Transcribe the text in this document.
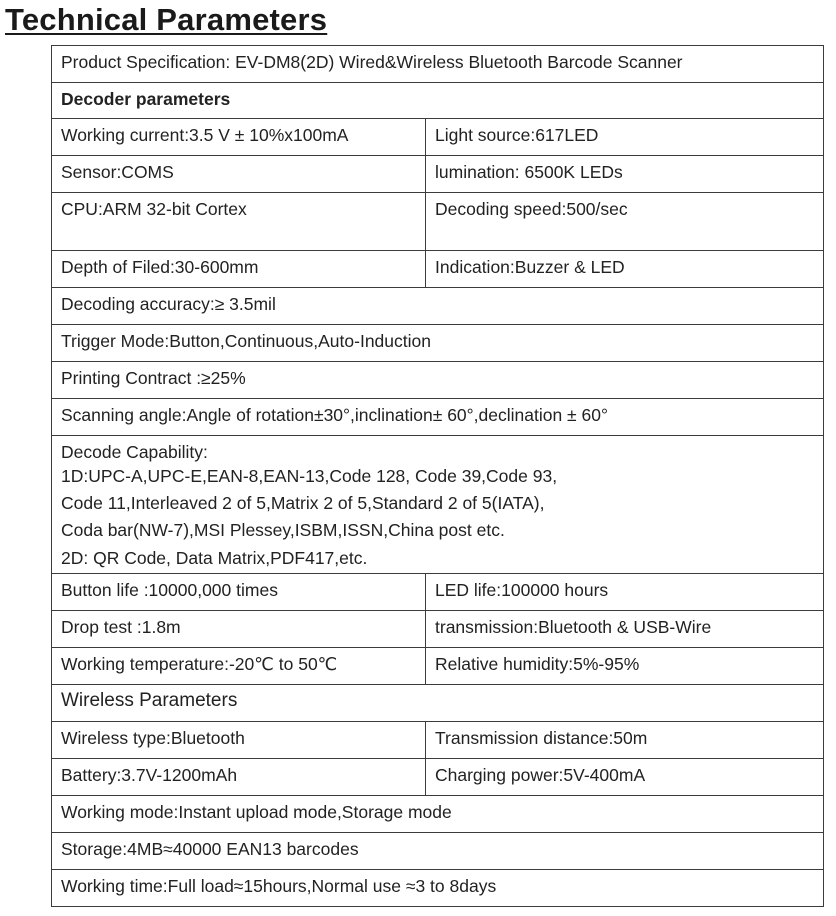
Technical Parameters
Product Specification: EV-DM8(2D) Wired&Wireless Bluetooth Barcode Scanner	
Decoder parameters	
Working current:3.5 V ± 10%x100mA	Light source:617LED
Sensor:COMS	lumination: 6500K LEDs
CPU:ARM 32-bit Cortex	Decoding speed:500/sec
Depth of Filed:30-600mm	Indication:Buzzer & LED
Decoding accuracy:≥ 3.5mil	
Trigger Mode:Button,Continuous,Auto-Induction	
Printing Contract :≥25%	
Scanning angle:Angle of rotation±30°,inclination± 60°,declination ± 60°	

Decode Capability:
1D:UPC-A,UPC-E,EAN-8,EAN-13,Code 128, Code 39,Code 93,
Code 11,Interleaved 2 of 5,Matrix 2 of 5,Standard 2 of 5(IATA),
Coda bar(NW-7),MSI Plessey,ISBM,ISSN,China post etc.
2D: QR Code, Data Matrix,PDF417,etc.	

Button life :10000,000 times	LED life:100000 hours
Drop test :1.8m	transmission:Bluetooth & USB-Wire
Working temperature:-20℃ to 50℃	Relative humidity:5%-95%
Wireless Parameters	
Wireless type:Bluetooth	Transmission distance:50m
Battery:3.7V-1200mAh	Charging power:5V-400mA
Working mode:Instant upload mode,Storage mode	
Storage:4MB≈40000 EAN13 barcodes	
Working time:Full load≈15hours,Normal use ≈3 to 8days	
